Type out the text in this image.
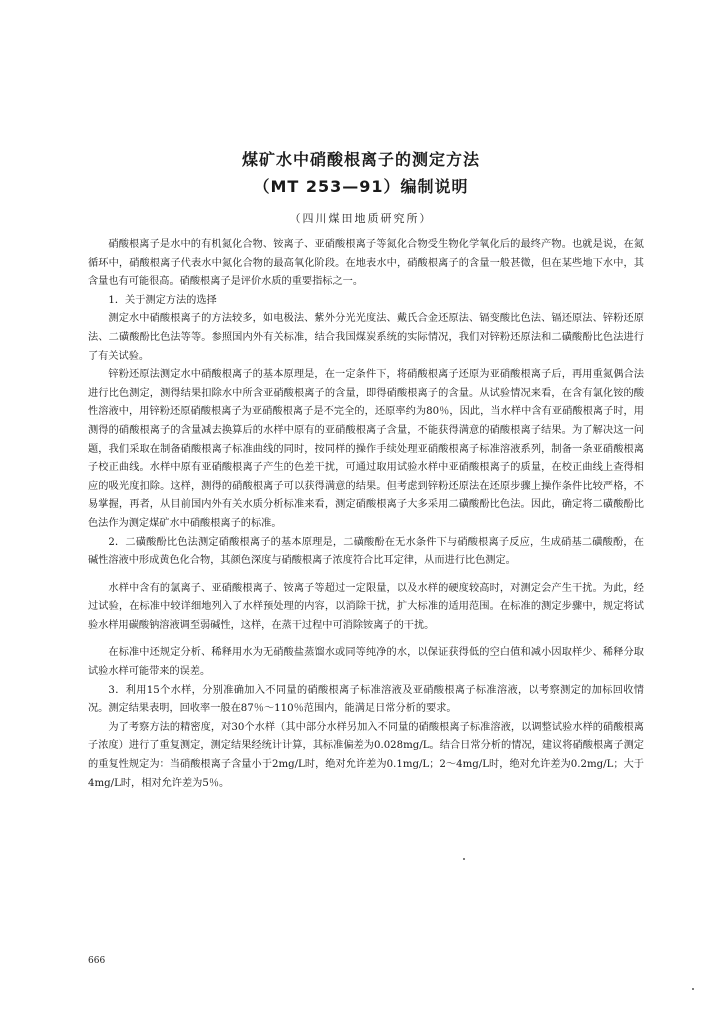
煤矿水中硝酸根离子的测定方法
（MT 253—91）编制说明
（四川煤田地质研究所）

硝酸根离子是水中的有机氮化合物、铵离子、亚硝酸根离子等氮化合物受生物化学氧化后的最终产物。也就是说，在氮循环中，硝酸根离子代表水中氮化合物的最高氧化阶段。在地表水中，硝酸根离子的含量一般甚微，但在某些地下水中，其含量也有可能很高。硝酸根离子是评价水质的重要指标之一。

1．关于测定方法的选择

测定水中硝酸根离子的方法较多，如电极法、紫外分光光度法、戴氏合金还原法、镉变酸比色法、镉还原法、锌粉还原法、二磺酸酚比色法等等。参照国内外有关标准，结合我国煤炭系统的实际情况，我们对锌粉还原法和二磺酸酚比色法进行了有关试验。

锌粉还原法测定水中硝酸根离子的基本原理是，在一定条件下，将硝酸根离子还原为亚硝酸根离子后，再用重氮偶合法进行比色测定，测得结果扣除水中所含亚硝酸根离子的含量，即得硝酸根离子的含量。从试验情况来看，在含有氯化铵的酸性溶液中，用锌粉还原硝酸根离子为亚硝酸根离子是不完全的，还原率约为80％，因此，当水样中含有亚硝酸根离子时，用测得的硝酸根离子的含量减去换算后的水样中原有的亚硝酸根离子含量，不能获得满意的硝酸根离子结果。为了解决这一问题，我们采取在制备硝酸根离子标准曲线的同时，按同样的操作手续处理亚硝酸根离子标准溶液系列，制备一条亚硝酸根离子校正曲线。水样中原有亚硝酸根离子产生的色差干扰，可通过取用试验水样中亚硝酸根离子的质量，在校正曲线上查得相应的吸光度扣除。这样，测得的硝酸根离子可以获得满意的结果。但考虑到锌粉还原法在还原步骤上操作条件比较严格，不易掌握，再者，从目前国内外有关水质分析标准来看，测定硝酸根离子大多采用二磺酸酚比色法。因此，确定将二磺酸酚比色法作为测定煤矿水中硝酸根离子的标准。

2．二磺酸酚比色法测定硝酸根离子的基本原理是，二磺酸酚在无水条件下与硝酸根离子反应，生成硝基二磺酸酚，在碱性溶液中形成黄色化合物，其颜色深度与硝酸根离子浓度符合比耳定律，从而进行比色测定。

水样中含有的氯离子、亚硝酸根离子、铵离子等超过一定限量，以及水样的硬度较高时，对测定会产生干扰。为此，经过试验，在标准中较详细地列入了水样预处理的内容，以消除干扰，扩大标准的适用范围。在标准的测定步骤中，规定将试验水样用碳酸钠溶液调至弱碱性，这样，在蒸干过程中可消除铵离子的干扰。

在标准中还规定分析、稀释用水为无硝酸盐蒸馏水或同等纯净的水，以保证获得低的空白值和减小因取样少、稀释分取试验水样可能带来的误差。

3．利用15个水样，分别准确加入不同量的硝酸根离子标准溶液及亚硝酸根离子标准溶液，以考察测定的加标回收情况。测定结果表明，回收率一般在87％～110％范围内，能满足日常分析的要求。

为了考察方法的精密度，对30个水样（其中部分水样另加入不同量的硝酸根离子标准溶液，以调整试验水样的硝酸根离子浓度）进行了重复测定，测定结果经统计计算，其标准偏差为0.028mg/L。结合日常分析的情况，建议将硝酸根离子测定的重复性规定为：当硝酸根离子含量小于2mg/L时，绝对允许差为0.1mg/L；2～4mg/L时，绝对允许差为0.2mg/L；大于4mg/L时，相对允许差为5％。

666
